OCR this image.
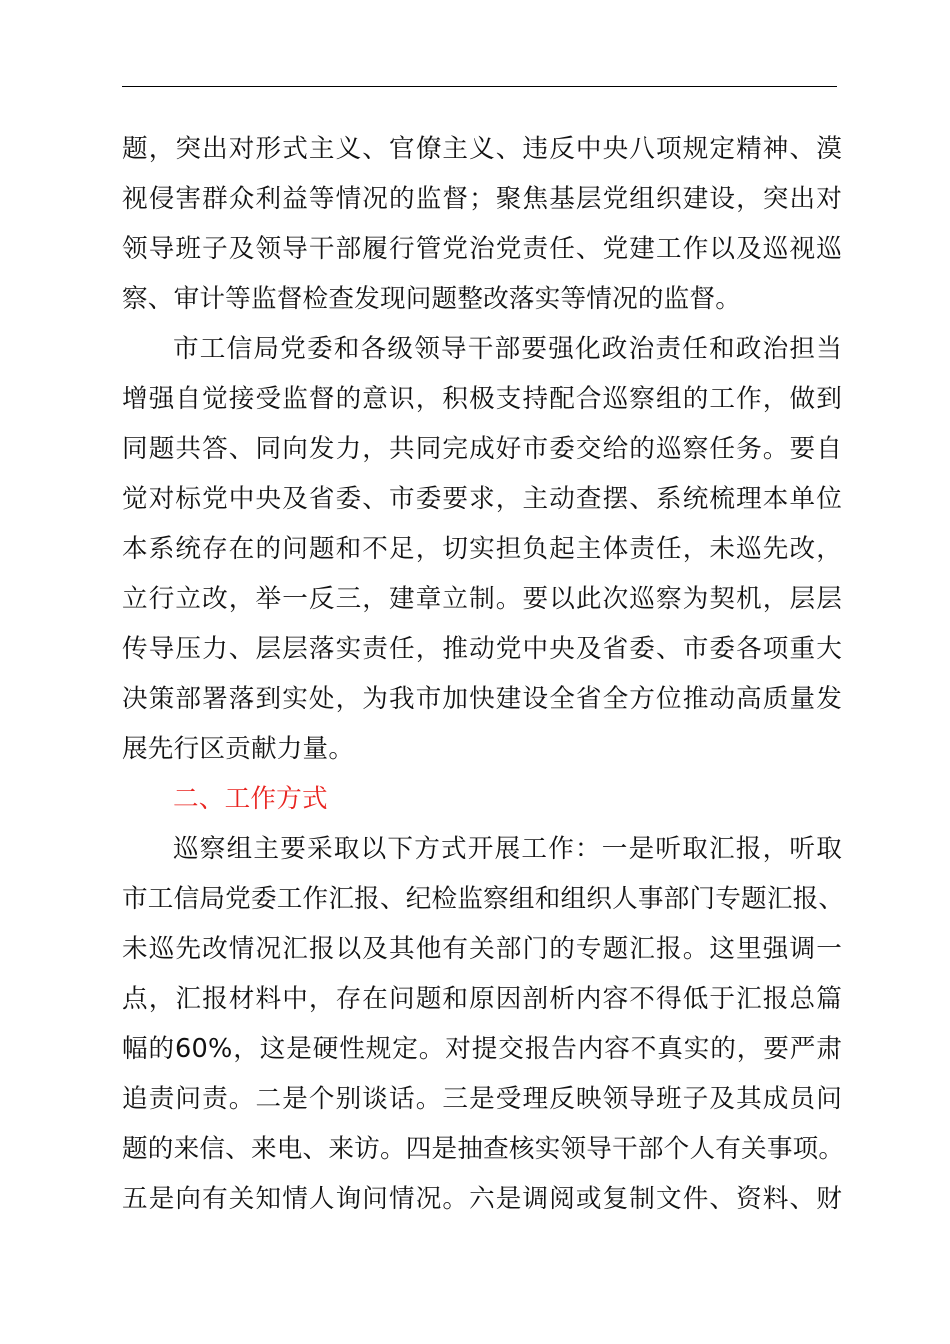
题，突出对形式主义、官僚主义、违反中央八项规定精神、漠
视侵害群众利益等情况的监督；聚焦基层党组织建设，突出对
领导班子及领导干部履行管党治党责任、党建工作以及巡视巡
察、审计等监督检查发现问题整改落实等情况的监督。
市工信局党委和各级领导干部要强化政治责任和政治担当
增强自觉接受监督的意识，积极支持配合巡察组的工作，做到
同题共答、同向发力，共同完成好市委交给的巡察任务。要自
觉对标党中央及省委、市委要求，主动查摆、系统梳理本单位
本系统存在的问题和不足，切实担负起主体责任，未巡先改，
立行立改，举一反三，建章立制。要以此次巡察为契机，层层
传导压力、层层落实责任，推动党中央及省委、市委各项重大
决策部署落到实处，为我市加快建设全省全方位推动高质量发
展先行区贡献力量。
二、工作方式
巡察组主要采取以下方式开展工作：一是听取汇报，听取
市工信局党委工作汇报、纪检监察组和组织人事部门专题汇报、
未巡先改情况汇报以及其他有关部门的专题汇报。这里强调一
点，汇报材料中，存在问题和原因剖析内容不得低于汇报总篇
幅的60%，这是硬性规定。对提交报告内容不真实的，要严肃
追责问责。二是个别谈话。三是受理反映领导班子及其成员问
题的来信、来电、来访。四是抽查核实领导干部个人有关事项。
五是向有关知情人询问情况。六是调阅或复制文件、资料、财
